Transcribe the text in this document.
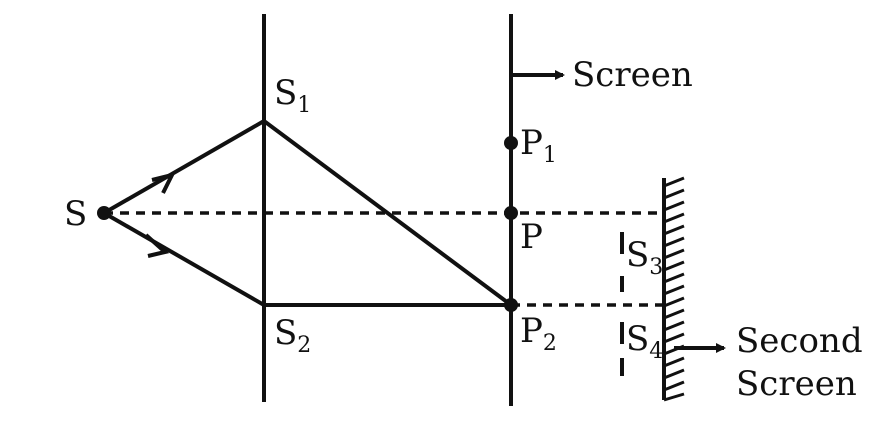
S
$S_1$
$S_2$
Screen
$P_1$
P
$P_2$
$S_3$
$S_4$ Second
Screen
